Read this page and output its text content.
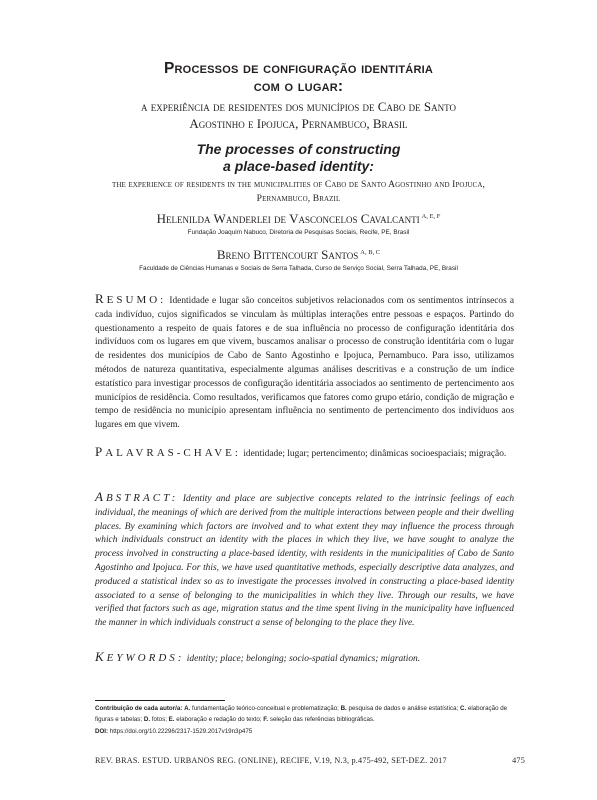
Processos de configuração identitária
com o lugar:
a experiência de residentes dos municípios de Cabo de Santo
Agostinho e Ipojuca, Pernambuco, Brasil
The processes of constructing
a place-based identity:
the experience of residents in the municipalities of Cabo de Santo Agostinho and Ipojuca,
Pernambuco, Brazil
Helenilda Wanderlei de Vasconcelos Cavalcanti $^{A, E, F}$
Fundação Joaquim Nabuco, Diretoria de Pesquisas Sociais, Recife, PE, Brasil
Breno Bittencourt Santos $^{A, B, C}$
Faculdade de Ciências Humanas e Sociais de Serra Talhada, Curso de Serviço Social, Serra Talhada, PE, Brasil
RESUMO: Identidade e lugar são conceitos subjetivos relacionados com os sentimentos intrínsecos a cada indivíduo, cujos significados se vinculam às múltiplas interações entre pessoas e espaços. Partindo do questionamento a respeito de quais fatores e de sua influência no processo de configuração identitária dos indivíduos com os lugares em que vivem, buscamos analisar o processo de construção identitária com o lugar de residentes dos municípios de Cabo de Santo Agostinho e Ipojuca, Pernambuco. Para isso, utilizamos métodos de natureza quantitativa, especialmente algumas análises descritivas e a construção de um índice estatístico para investigar processos de configuração identitária associados ao sentimento de pertencimento aos municípios de residência. Como resultados, verificamos que fatores como grupo etário, condição de migração e tempo de residência no município apresentam influência no sentimento de pertencimento dos indivíduos aos lugares em que vivem.
PALAVRAS-CHAVE: identidade; lugar; pertencimento; dinâmicas socioespaciais; migração.
ABSTRACT: Identity and place are subjective concepts related to the intrinsic feelings of each individual, the meanings of which are derived from the multiple interactions between people and their dwelling places. By examining which factors are involved and to what extent they may influence the process through which individuals construct an identity with the places in which they live, we have sought to analyze the process involved in constructing a place-based identity, with residents in the municipalities of Cabo de Santo Agostinho and Ipojuca. For this, we have used quantitative methods, especially descriptive data analyzes, and produced a statistical index so as to investigate the processes involved in constructing a place-based identity associated to a sense of belonging to the municipalities in which they live. Through our results, we have verified that factors such as age, migration status and the time spent living in the municipality have influenced the manner in which individuals construct a sense of belonging to the place they live.
KEYWORDS: identity; place; belonging; socio-spatial dynamics; migration.
Contribuição de cada autor/a: A. fundamentação teórico-conceitual e problematização; B. pesquisa de dados e análise estatística; C. elaboração de figuras e tabelas; D. fotos; E. elaboração e redação do texto; F. seleção das referências bibliográficas.
DOI: https://doi.org/10.22296/2317-1529.2017v19n3p475
REV. BRAS. ESTUD. URBANOS REG. (ONLINE), RECIFE, V.19, N.3, p.475-492, SET-DEZ. 2017	475
